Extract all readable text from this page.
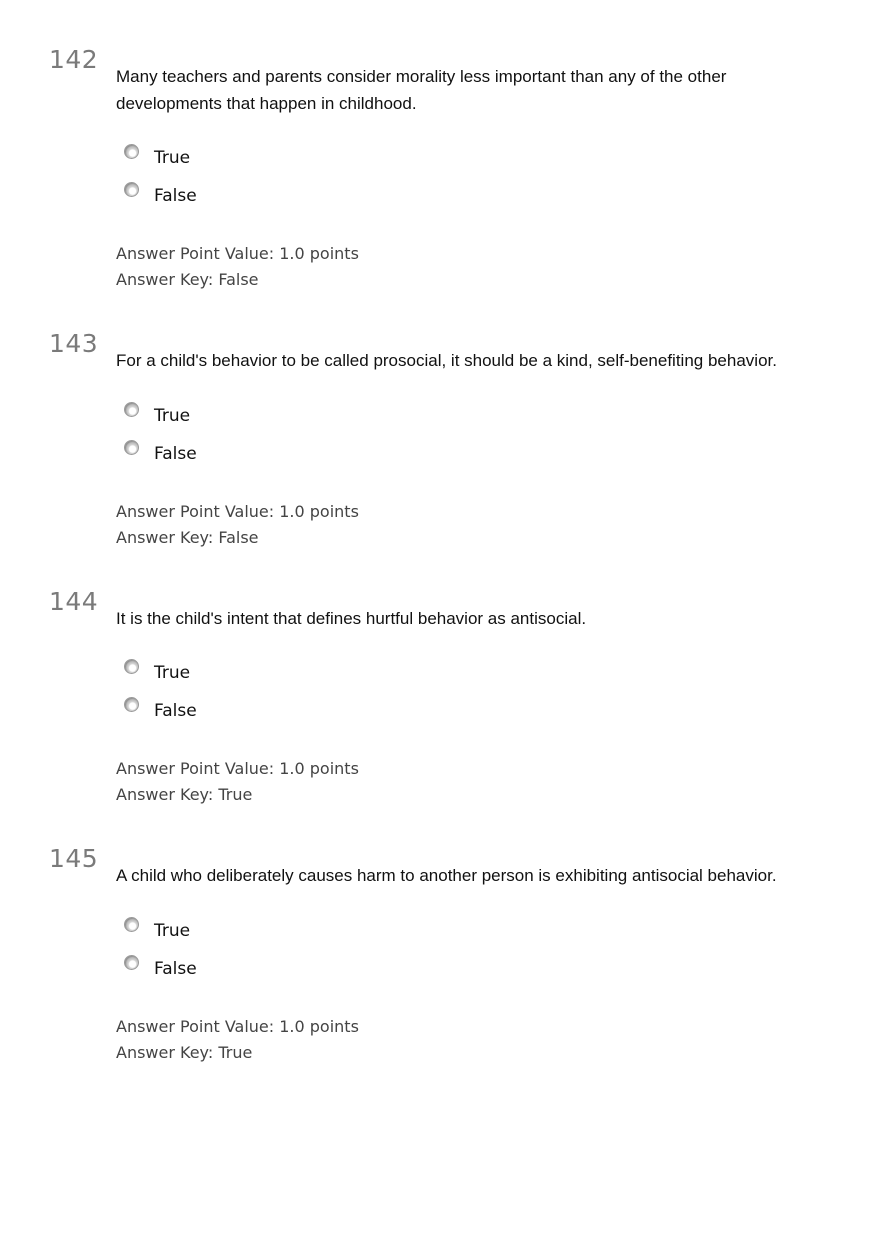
142
Many teachers and parents consider morality less important than any of the other developments that happen in childhood.
True
False
Answer Point Value: 1.0 points
Answer Key: False
143
For a child's behavior to be called prosocial, it should be a kind, self-benefiting behavior.
True
False
Answer Point Value: 1.0 points
Answer Key: False
144
It is the child's intent that defines hurtful behavior as antisocial.
True
False
Answer Point Value: 1.0 points
Answer Key: True
145
A child who deliberately causes harm to another person is exhibiting antisocial behavior.
True
False
Answer Point Value: 1.0 points
Answer Key: True
